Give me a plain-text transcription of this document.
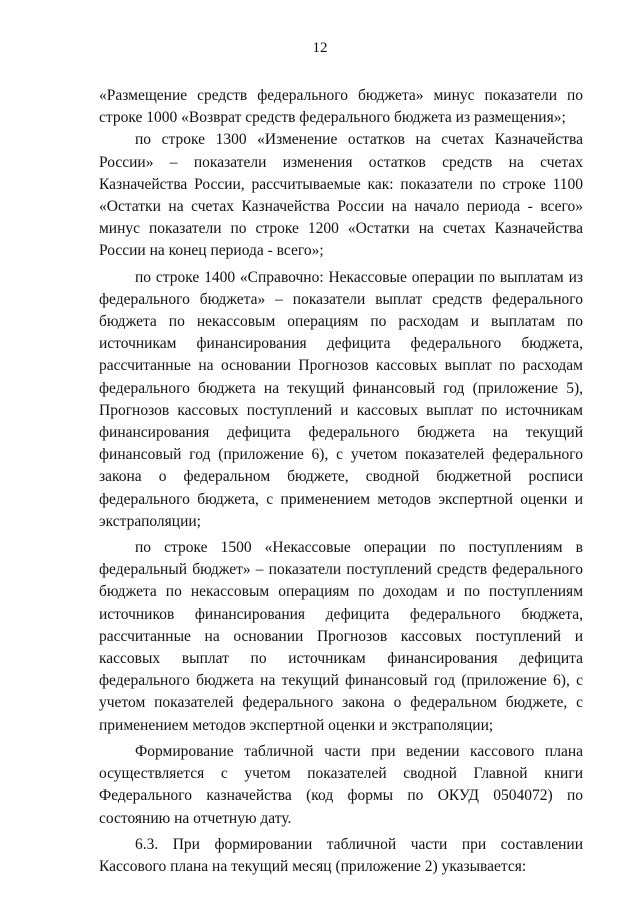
12

«Размещение средств федерального бюджета» минус показатели по строке 1000 «Возврат средств федерального бюджета из размещения»;

по строке 1300 «Изменение остатков на счетах Казначейства России» – показатели изменения остатков средств на счетах Казначейства России, рассчитываемые как: показатели по строке 1100 «Остатки на счетах Казначейства России на начало периода - всего» минус показатели по строке 1200 «Остатки на счетах Казначейства России на конец периода - всего»;

по строке 1400 «Справочно: Некассовые операции по выплатам из федерального бюджета» – показатели выплат средств федерального бюджета по некассовым операциям по расходам и выплатам по источникам финансирования дефицита федерального бюджета, рассчитанные на основании Прогнозов кассовых выплат по расходам федерального бюджета на текущий финансовый год (приложение 5), Прогнозов кассовых поступлений и кассовых выплат по источникам финансирования дефицита федерального бюджета на текущий финансовый год (приложение 6), с учетом показателей федерального закона о федеральном бюджете, сводной бюджетной росписи федерального бюджета, с применением методов экспертной оценки и экстраполяции;

по строке 1500 «Некассовые операции по поступлениям в федеральный бюджет» – показатели поступлений средств федерального бюджета по некассовым операциям по доходам и по поступлениям источников финансирования дефицита федерального бюджета, рассчитанные на основании Прогнозов кассовых поступлений и кассовых выплат по источникам финансирования дефицита федерального бюджета на текущий финансовый год (приложение 6), с учетом показателей федерального закона о федеральном бюджете, с применением методов экспертной оценки и экстраполяции;

Формирование табличной части при ведении кассового плана осуществляется с учетом показателей сводной Главной книги Федерального казначейства (код формы по ОКУД 0504072) по состоянию на отчетную дату.

6.3. При формировании табличной части при составлении Кассового плана на текущий месяц (приложение 2) указывается:
